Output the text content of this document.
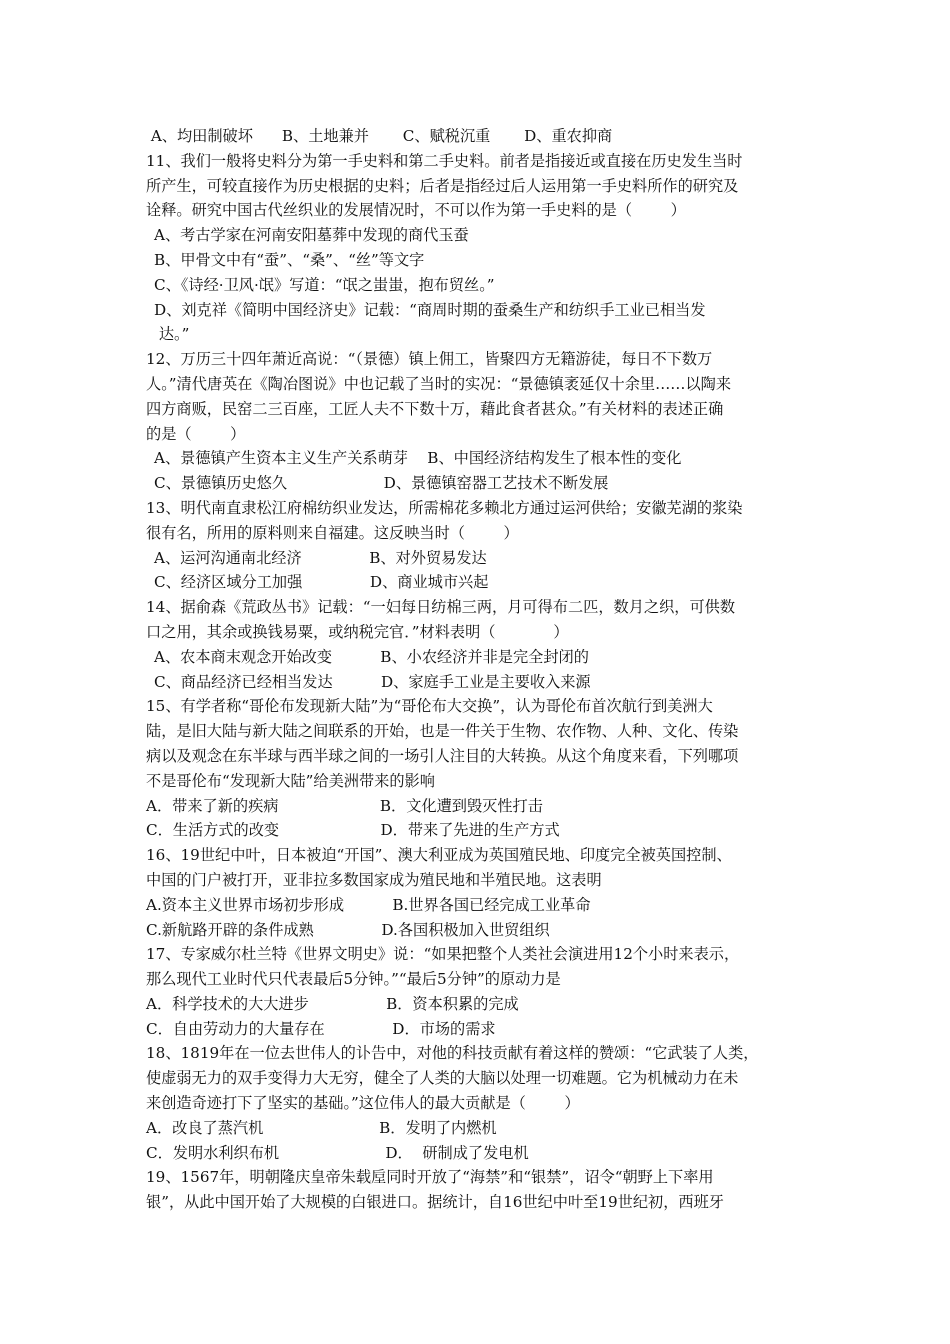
A、均田制破坏      B、土地兼并       C、赋税沉重       D、重农抑商
11、我们一般将史料分为第一手史料和第二手史料。前者是指接近或直接在历史发生当时
所产生，可较直接作为历史根据的史料；后者是指经过后人运用第一手史料所作的研究及
诠释。研究中国古代丝织业的发展情况时，不可以作为第一手史料的是（        ）
A、考古学家在河南安阳墓葬中发现的商代玉蚕
B、甲骨文中有“蚕”、“桑”、“丝”等文字
C、《诗经·卫风·氓》写道：“氓之蚩蚩，抱布贸丝。”
D、刘克祥《简明中国经济史》记载：“商周时期的蚕桑生产和纺织手工业已相当发
达。”
12、万历三十四年萧近高说：“（景德）镇上佣工，皆聚四方无籍游徒，每日不下数万
人。”清代唐英在《陶冶图说》中也记载了当时的实况：“景德镇袤延仅十余里……以陶来
四方商贩，民窑二三百座，工匠人夫不下数十万，藉此食者甚众。”有关材料的表述正确
的是（        ）
A、景德镇产生资本主义生产关系萌芽    B、中国经济结构发生了根本性的变化
C、景德镇历史悠久                    D、景德镇窑器工艺技术不断发展
13、明代南直隶松江府棉纺织业发达，所需棉花多赖北方通过运河供给；安徽芜湖的浆染
很有名，所用的原料则来自福建。这反映当时（        ）
A、运河沟通南北经济              B、对外贸易发达
C、经济区域分工加强              D、商业城市兴起
14、据俞森《荒政丛书》记载：“一妇每日纺棉三两，月可得布二匹，数月之织，可供数
口之用，其余或换钱易粟，或纳税完官．”材料表明（            ）
A、农本商末观念开始改变          B、小农经济并非是完全封闭的
C、商品经济已经相当发达          D、家庭手工业是主要收入来源
15、有学者称“哥伦布发现新大陆”为“哥伦布大交换”，认为哥伦布首次航行到美洲大
陆，是旧大陆与新大陆之间联系的开始，也是一件关于生物、农作物、人种、文化、传染
病以及观念在东半球与西半球之间的一场引人注目的大转换。从这个角度来看，下列哪项
不是哥伦布“发现新大陆”给美洲带来的影响
A．带来了新的疾病                     B．文化遭到毁灭性打击
C．生活方式的改变                     D．带来了先进的生产方式
16、19世纪中叶，日本被迫“开国”、澳大利亚成为英国殖民地、印度完全被英国控制、
中国的门户被打开，亚非拉多数国家成为殖民地和半殖民地。这表明
A.资本主义世界市场初步形成          B.世界各国已经完成工业革命
C.新航路开辟的条件成熟              D.各国积极加入世贸组织
17、专家威尔杜兰特《世界文明史》说：“如果把整个人类社会演进用12个小时来表示，
那么现代工业时代只代表最后5分钟。”“最后5分钟”的原动力是
A．科学技术的大大进步                B．资本积累的完成
C．自由劳动力的大量存在              D．市场的需求
18、1819年在一位去世伟人的讣告中，对他的科技贡献有着这样的赞颂：“它武装了人类，
使虚弱无力的双手变得力大无穷，健全了人类的大脑以处理一切难题。它为机械动力在未
来创造奇迹打下了坚实的基础。”这位伟人的最大贡献是（        ）
A．改良了蒸汽机                        B．发明了内燃机
C．发明水利织布机                      D．  研制成了发电机
19、1567年，明朝隆庆皇帝朱载垕同时开放了“海禁”和“银禁”，诏令“朝野上下率用
银”，从此中国开始了大规模的白银进口。据统计，自16世纪中叶至19世纪初，西班牙
